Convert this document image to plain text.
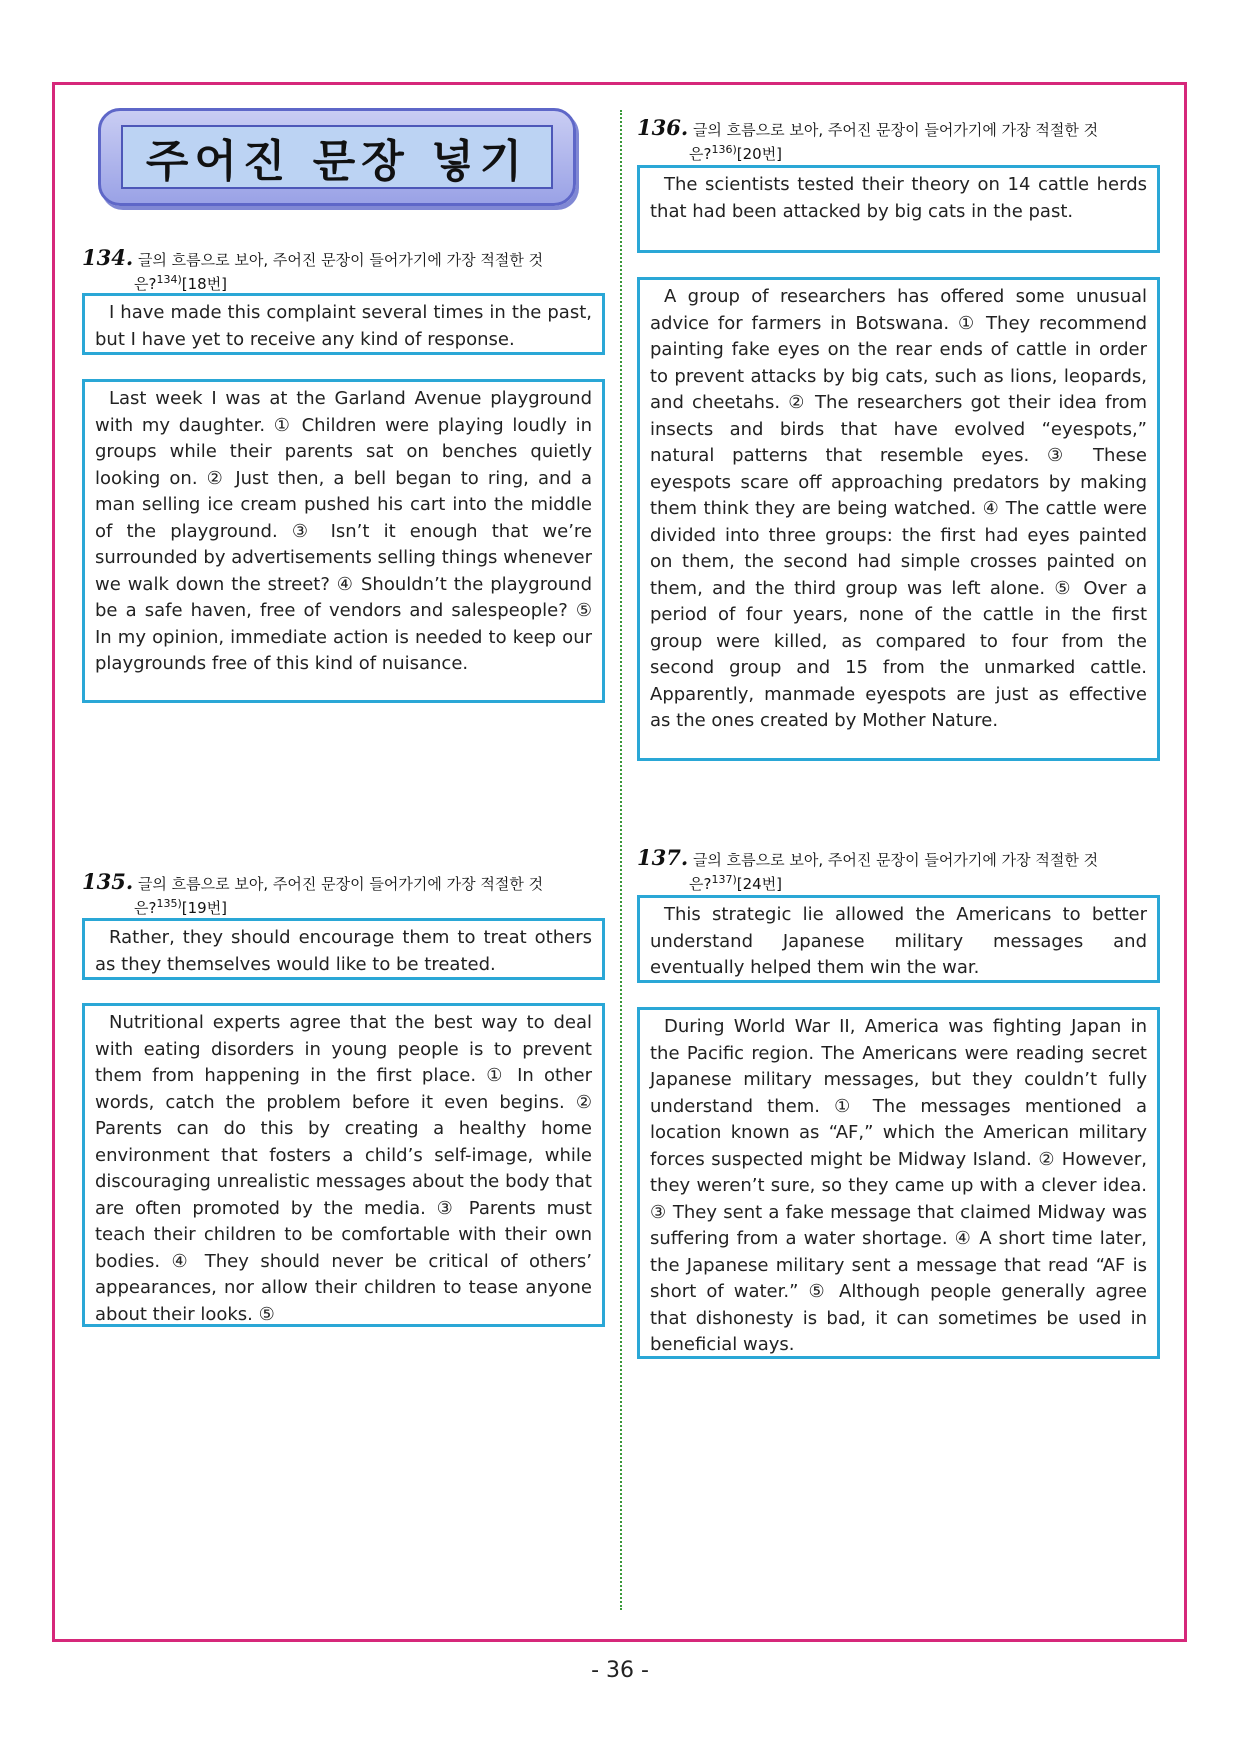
주어진 문장 넣기
134. 글의 흐름으로 보아, 주어진 문장이 들어가기에 가장 적절한 것
은?$^{134)}$[18번]
I have made this complaint several times in the past, but I have yet to receive any kind of response.
Last week I was at the Garland Avenue playground with my daughter. ① Children were playing loudly in groups while their parents sat on benches quietly looking on. ② Just then, a bell began to ring, and a man selling ice cream pushed his cart into the middle of the playground. ③ Isn’t it enough that we’re surrounded by advertisements selling things whenever we walk down the street? ④ Shouldn’t the playground be a safe haven, free of vendors and salespeople? ⑤ In my opinion, immediate action is needed to keep our playgrounds free of this kind of nuisance.
135. 글의 흐름으로 보아, 주어진 문장이 들어가기에 가장 적절한 것
은?$^{135)}$[19번]
Rather, they should encourage them to treat others as they themselves would like to be treated.
Nutritional experts agree that the best way to deal with eating disorders in young people is to prevent them from happening in the first place. ① In other words, catch the problem before it even begins. ② Parents can do this by creating a healthy home environment that fosters a child’s self-image, while discouraging unrealistic messages about the body that are often promoted by the media. ③ Parents must teach their children to be comfortable with their own bodies. ④ They should never be critical of others’ appearances, nor allow their children to tease anyone about their looks. ⑤
136. 글의 흐름으로 보아, 주어진 문장이 들어가기에 가장 적절한 것
은?$^{136)}$[20번]
The scientists tested their theory on 14 cattle herds that had been attacked by big cats in the past.
A group of researchers has offered some unusual advice for farmers in Botswana. ① They recommend painting fake eyes on the rear ends of cattle in order to prevent attacks by big cats, such as lions, leopards, and cheetahs. ② The researchers got their idea from insects and birds that have evolved “eyespots,” natural patterns that resemble eyes. ③ These eyespots scare off approaching predators by making them think they are being watched. ④ The cattle were divided into three groups: the first had eyes painted on them, the second had simple crosses painted on them, and the third group was left alone. ⑤ Over a period of four years, none of the cattle in the first group were killed, as compared to four from the second group and 15 from the unmarked cattle. Apparently, manmade eyespots are just as effective as the ones created by Mother Nature.
137. 글의 흐름으로 보아, 주어진 문장이 들어가기에 가장 적절한 것
은?$^{137)}$[24번]
This strategic lie allowed the Americans to better understand Japanese military messages and eventually helped them win the war.
During World War II, America was fighting Japan in the Pacific region. The Americans were reading secret Japanese military messages, but they couldn’t fully understand them. ① The messages mentioned a location known as “AF,” which the American military forces suspected might be Midway Island. ② However, they weren’t sure, so they came up with a clever idea. ③ They sent a fake message that claimed Midway was suffering from a water shortage. ④ A short time later, the Japanese military sent a message that read “AF is short of water.” ⑤ Although people generally agree that dishonesty is bad, it can sometimes be used in beneficial ways.
- 36 -
